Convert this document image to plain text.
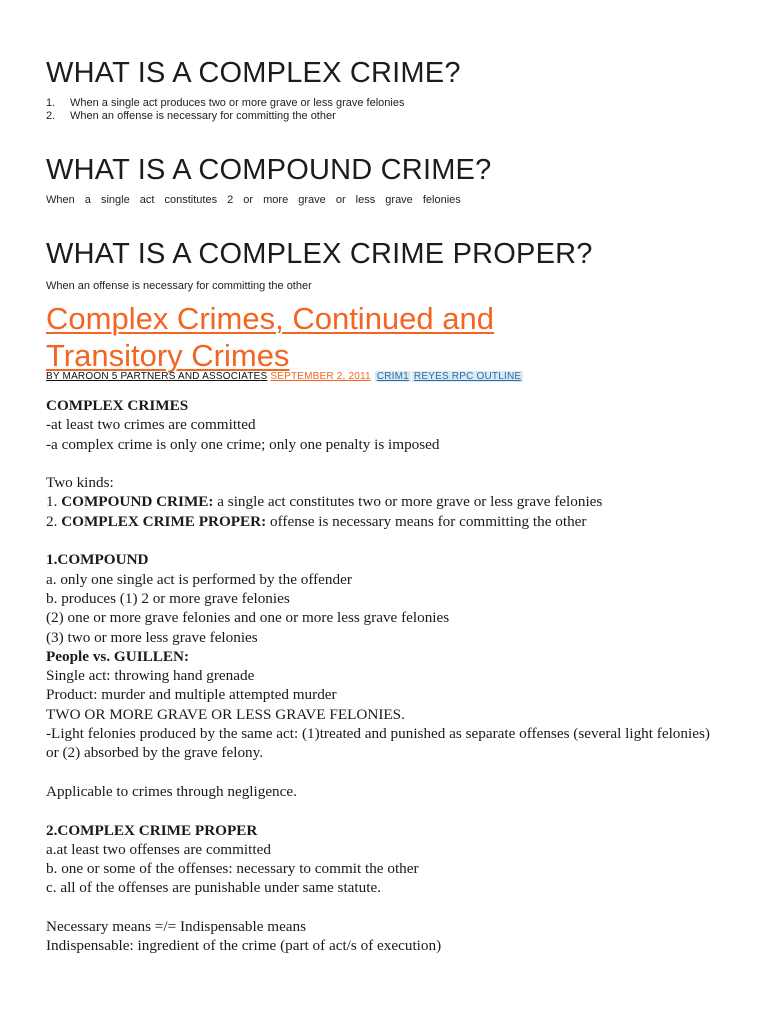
WHAT IS A COMPLEX CRIME?
1. When a single act produces two or more grave or less grave felonies
2. When an offense is necessary for committing the other
WHAT IS A COMPOUND CRIME?

When a single act constitutes 2 or more grave or less grave felonies

WHAT IS A COMPLEX CRIME PROPER?

When an offense is necessary for committing the other

Complex Crimes, Continued and
Transitory Crimes
BY MAROON 5 PARTNERS AND ASSOCIATES SEPTEMBER 2, 2011 CRIM1 REYES RPC OUTLINE
COMPLEX CRIMES
-at least two crimes are committed
-a complex crime is only one crime; only one penalty is imposed
Two kinds:
1. COMPOUND CRIME: a single act constitutes two or more grave or less grave felonies
2. COMPLEX CRIME PROPER: offense is necessary means for committing the other
1.COMPOUND
a. only one single act is performed by the offender
b. produces (1) 2 or more grave felonies
(2) one or more grave felonies and one or more less grave felonies
(3) two or more less grave felonies
People vs. GUILLEN:
Single act: throwing hand grenade
Product: murder and multiple attempted murder
TWO OR MORE GRAVE OR LESS GRAVE FELONIES.
-Light felonies produced by the same act: (1)treated and punished as separate offenses (several light felonies) or (2) absorbed by the grave felony.
Applicable to crimes through negligence.
2.COMPLEX CRIME PROPER
a.at least two offenses are committed
b. one or some of the offenses: necessary to commit the other
c. all of the offenses are punishable under same statute.
Necessary means =/= Indispensable means
Indispensable: ingredient of the crime (part of act/s of execution)
